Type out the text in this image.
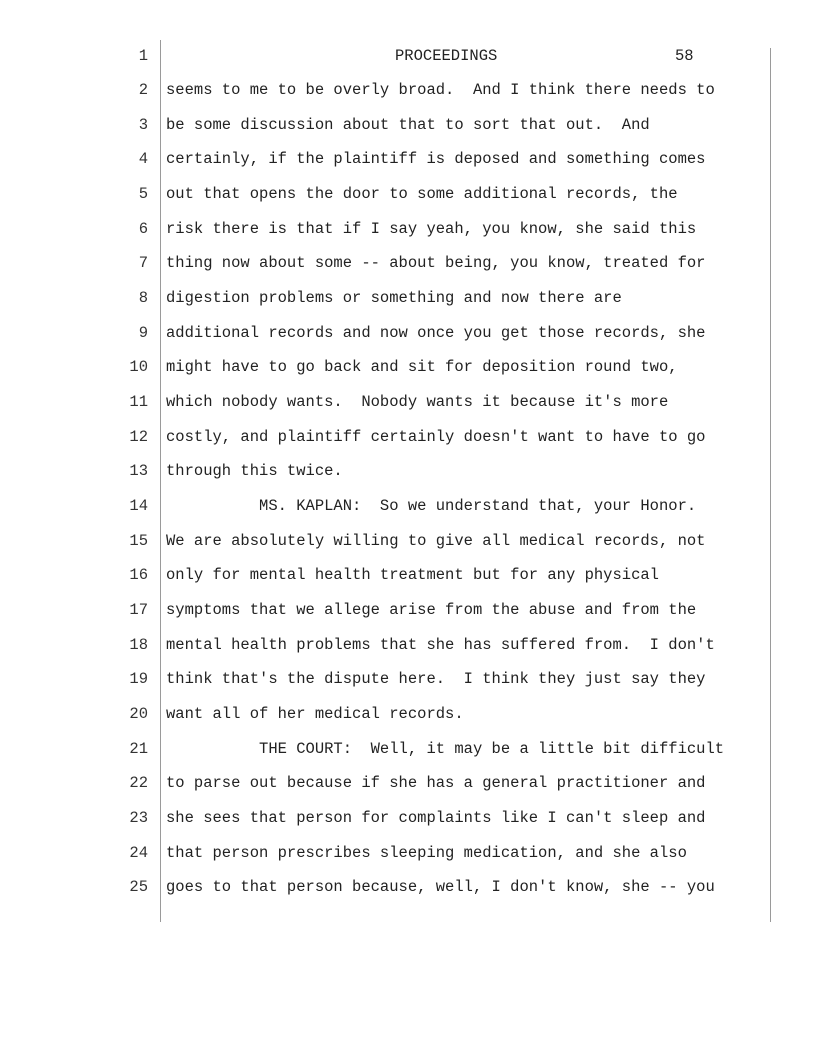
1	PROCEEDINGS	58
2 seems to me to be overly broad.  And I think there needs to
3 be some discussion about that to sort that out.  And
4 certainly, if the plaintiff is deposed and something comes
5 out that opens the door to some additional records, the
6 risk there is that if I say yeah, you know, she said this
7 thing now about some -- about being, you know, treated for
8 digestion problems or something and now there are
9 additional records and now once you get those records, she
10 might have to go back and sit for deposition round two,
11 which nobody wants.  Nobody wants it because it's more
12 costly, and plaintiff certainly doesn't want to have to go
13 through this twice.
14 MS. KAPLAN:  So we understand that, your Honor.
15 We are absolutely willing to give all medical records, not
16 only for mental health treatment but for any physical
17 symptoms that we allege arise from the abuse and from the
18 mental health problems that she has suffered from.  I don't
19 think that's the dispute here.  I think they just say they
20 want all of her medical records.
21 THE COURT:  Well, it may be a little bit difficult
22 to parse out because if she has a general practitioner and
23 she sees that person for complaints like I can't sleep and
24 that person prescribes sleeping medication, and she also
25 goes to that person because, well, I don't know, she -- you
